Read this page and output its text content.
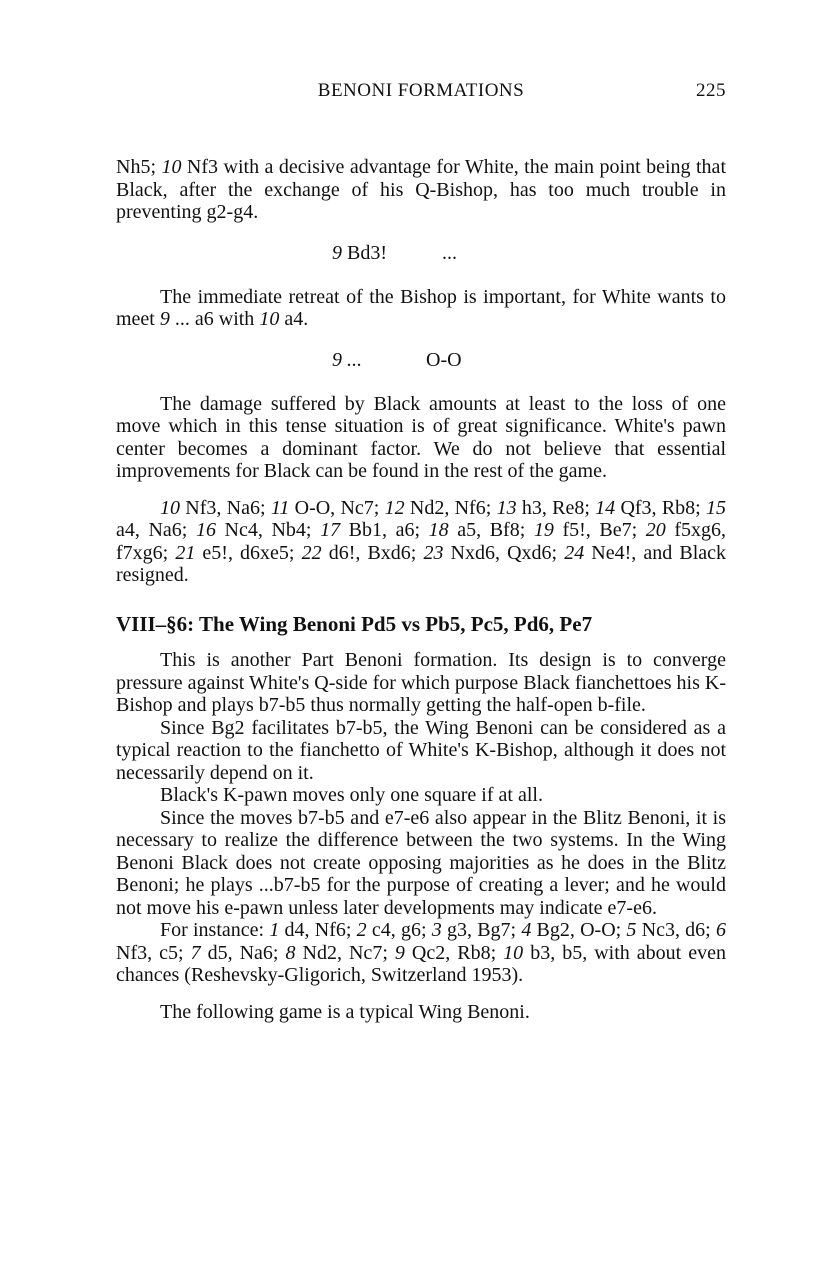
BENONI FORMATIONS	225

Nh5; 10 Nf3 with a decisive advantage for White, the main point being that Black, after the exchange of his Q-Bishop, has too much trouble in preventing g2-g4.

9 Bd3!	...

The immediate retreat of the Bishop is important, for White wants to meet 9 ... a6 with 10 a4.

9 ...	O-O

The damage suffered by Black amounts at least to the loss of one move which in this tense situation is of great significance. White's pawn center becomes a dominant factor. We do not believe that essential improvements for Black can be found in the rest of the game.

10 Nf3, Na6; 11 O-O, Nc7; 12 Nd2, Nf6; 13 h3, Re8; 14 Qf3, Rb8; 15 a4, Na6; 16 Nc4, Nb4; 17 Bb1, a6; 18 a5, Bf8; 19 f5!, Be7; 20 f5xg6, f7xg6; 21 e5!, d6xe5; 22 d6!, Bxd6; 23 Nxd6, Qxd6; 24 Ne4!, and Black resigned.

VIII–§6: The Wing Benoni Pd5 vs Pb5, Pc5, Pd6, Pe7

This is another Part Benoni formation. Its design is to converge pressure against White's Q-side for which purpose Black fianchettoes his K-Bishop and plays b7-b5 thus normally getting the half-open b-file.

Since Bg2 facilitates b7-b5, the Wing Benoni can be considered as a typical reaction to the fianchetto of White's K-Bishop, although it does not necessarily depend on it.

Black's K-pawn moves only one square if at all.

Since the moves b7-b5 and e7-e6 also appear in the Blitz Benoni, it is necessary to realize the difference between the two systems. In the Wing Benoni Black does not create opposing majorities as he does in the Blitz Benoni; he plays ...b7-b5 for the purpose of creating a lever; and he would not move his e-pawn unless later developments may indicate e7-e6.

For instance: 1 d4, Nf6; 2 c4, g6; 3 g3, Bg7; 4 Bg2, O-O; 5 Nc3, d6; 6 Nf3, c5; 7 d5, Na6; 8 Nd2, Nc7; 9 Qc2, Rb8; 10 b3, b5, with about even chances (Reshevsky-Gligorich, Switzerland 1953).

The following game is a typical Wing Benoni.
